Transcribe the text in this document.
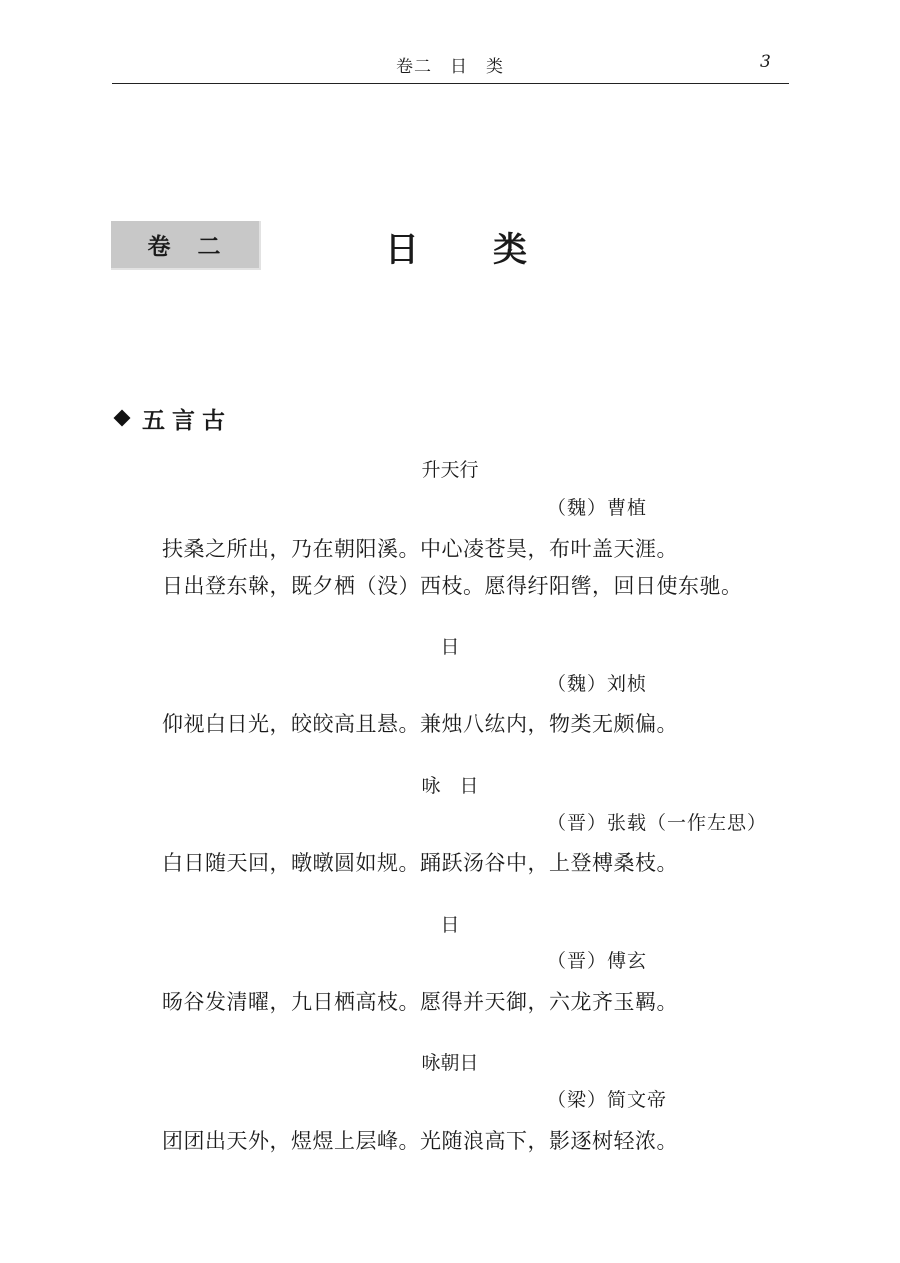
卷二　日　类	3
卷　二	日　　类
五言古
升天行
（魏）曹植
扶桑之所出，乃在朝阳溪。中心凌苍昊，布叶盖天涯。
日出登东榦，既夕栖（没）西枝。愿得纡阳辔，回日使东驰。
日
（魏）刘桢
仰视白日光，皎皎高且悬。兼烛八纮内，物类无颇偏。
咏　日
（晋）张载（一作左思）
白日随天回，暾暾圆如规。踊跃汤谷中，上登榑桑枝。
日
（晋）傅玄
旸谷发清曜，九日栖高枝。愿得并天御，六龙齐玉羁。
咏朝日
（梁）简文帝
团团出天外，煜煜上层峰。光随浪高下，影逐树轻浓。
